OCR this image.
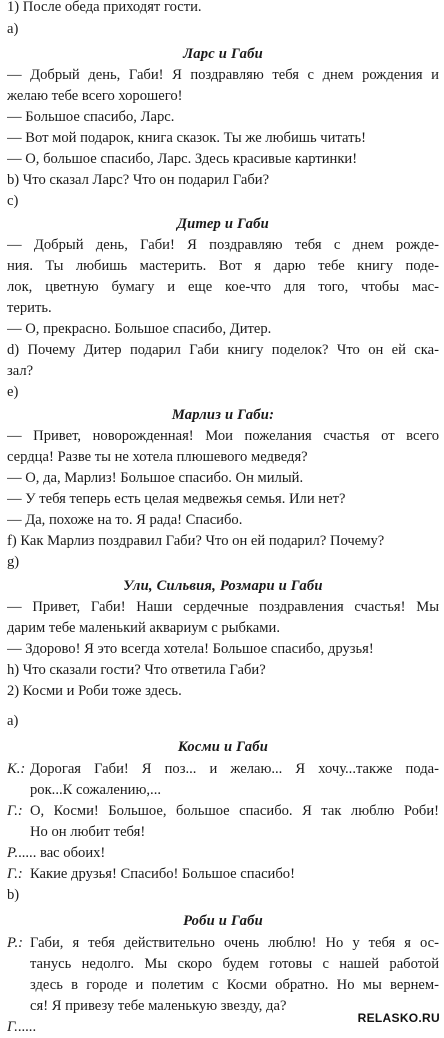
1) После обеда приходят гости.
a)
Ларс и Габи
— Добрый день, Габи! Я поздравляю тебя с днем рождения и
желаю тебе всего хорошего!
— Большое спасибо, Ларс.
— Вот мой подарок, книга сказок. Ты же любишь читать!
— О, большое спасибо, Ларс. Здесь красивые картинки!
b) Что сказал Ларс? Что он подарил Габи?
c)
Дитер и Габи
— Добрый день, Габи! Я поздравляю тебя с днем рожде-
ния. Ты любишь мастерить. Вот я дарю тебе книгу поде-
лок, цветную бумагу и еще кое-что для того, чтобы мас-
терить.
— О, прекрасно. Большое спасибо, Дитер.
d) Почему Дитер подарил Габи книгу поделок? Что он ей ска-
зал?
e)
Марлиз и Габи:
— Привет, новорожденная! Мои пожелания счастья от всего
сердца! Разве ты не хотела плюшевого медведя?
— О, да, Марлиз! Большое спасибо. Он милый.
— У тебя теперь есть целая медвежья семья. Или нет?
— Да, похоже на то. Я рада! Спасибо.
f) Как Марлиз поздравил Габи? Что он ей подарил? Почему?
g)
Ули, Сильвия, Розмари и Габи
— Привет, Габи! Наши сердечные поздравления счастья! Мы
дарим тебе маленький аквариум с рыбками.
— Здорово! Я это всегда хотела! Большое спасибо, друзья!
h) Что сказали гости? Что ответила Габи?
2) Косми и Роби тоже здесь.
a)
Косми и Габи
К.: Дорогая Габи! Я поз... и желаю... Я хочу...также пода-
рок...К сожалению,...
Г.: О, Косми! Большое, большое спасибо. Я так люблю Роби!
Но он любит тебя!
Р...... вас обоих!
Г.: Какие друзья! Спасибо! Большое спасибо!
b)
Роби и Габи
Р.: Габи, я тебя действительно очень люблю! Но у тебя я ос-
танусь недолго. Мы скоро будем готовы с нашей работой
здесь в городе и полетим с Косми обратно. Но мы вернем-
ся! Я привезу тебе маленькую звезду, да?
Г......
RELASKO.RU
